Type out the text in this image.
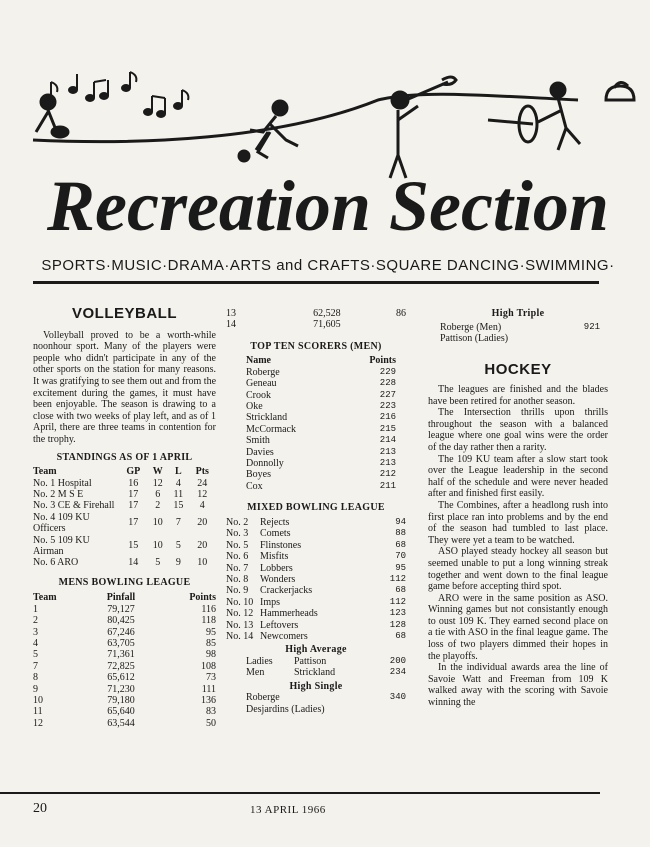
Recreation Section
SPORTS·MUSIC·DRAMA·ARTS and CRAFTS·SQUARE DANCING·SWIMMING·
VOLLEYBALL

Volleyball proved to be a worth-while noonhour sport. Many of the players were people who didn't participate in any of the other sports on the station for many reasons. It was gratifying to see them out and from the excitement during the games, it must have been enjoyable. The season is drawing to a close with two weeks of play left, and as of 1 April, there are three teams in contention for the trophy.

STANDINGS AS OF 1 APRIL
Team	GP	W	L	Pts
No. 1 Hospital	16	12	4	24
No. 2 M S E	17	6	11	12
No. 3 CE & Firehall	17	2	15	4
No. 4 109 KU Officers	17	10	7	20
No. 5 109 KU Airman	15	10	5	20
No. 6 ARO	14	5	9	10
MENS BOWLING LEAGUE
Team	Pinfall	Points
1	79,127	116
2	80,425	118
3	67,246	95
4	63,705	85
5	71,361	98
7	72,825	108
8	65,612	73
9	71,230	111
10	79,180	136
11	65,640	83
12	63,544	50
13	62,528	86
14	71,605	
TOP TEN SCORERS (MEN)
Name	Points
Roberge	229
Geneau	228
Crook	227
Oke	223
Strickland	216
McCormack	215
Smith	214
Davies	213
Donnolly	213
Boyes	212
Cox	211
MIXED BOWLING LEAGUE
No. 2	Rejects	94
No. 3	Comets	88
No. 5	Flinstones	68
No. 6	Misfits	70
No. 7	Lobbers	95
No. 8	Wonders	112
No. 9	Crackerjacks	68
No. 10	Imps	112
No. 12	Hammerheads	123
No. 13	Leftovers	128
No. 14	Newcomers	68
High Average
Ladies	Pattison	200
Men	Strickland	234
High Single
Roberge	340
Desjardins (Ladies)	
High Triple
Roberge (Men)	921
Pattison (Ladies)	
HOCKEY

The leagues are finished and the blades have been retired for another season.

The Intersection thrills upon thrills throughout the season with a balanced league where one goal wins were the order of the day rather then a rarity.

The 109 KU team after a slow start took over the League leadership in the second half of the schedule and were never headed after and finished first easily.

The Combines, after a headlong rush into first place ran into problems and by the end of the season had tumbled to last place. They were yet a team to be watched.

ASO played steady hockey all season but seemed unable to put a long winning streak together and went down to the final league game before accepting third spot.

ARO were in the same position as ASO. Winning games but not consistantly enough to oust 109 K. They earned second place on a tie with ASO in the final league game. The loss of two players dimmed their hopes in the playoffs.

In the individual awards area the line of Savoie Watt and Freeman from 109 K walked away with the scoring with Savoie winning the

20	13 APRIL 1966
